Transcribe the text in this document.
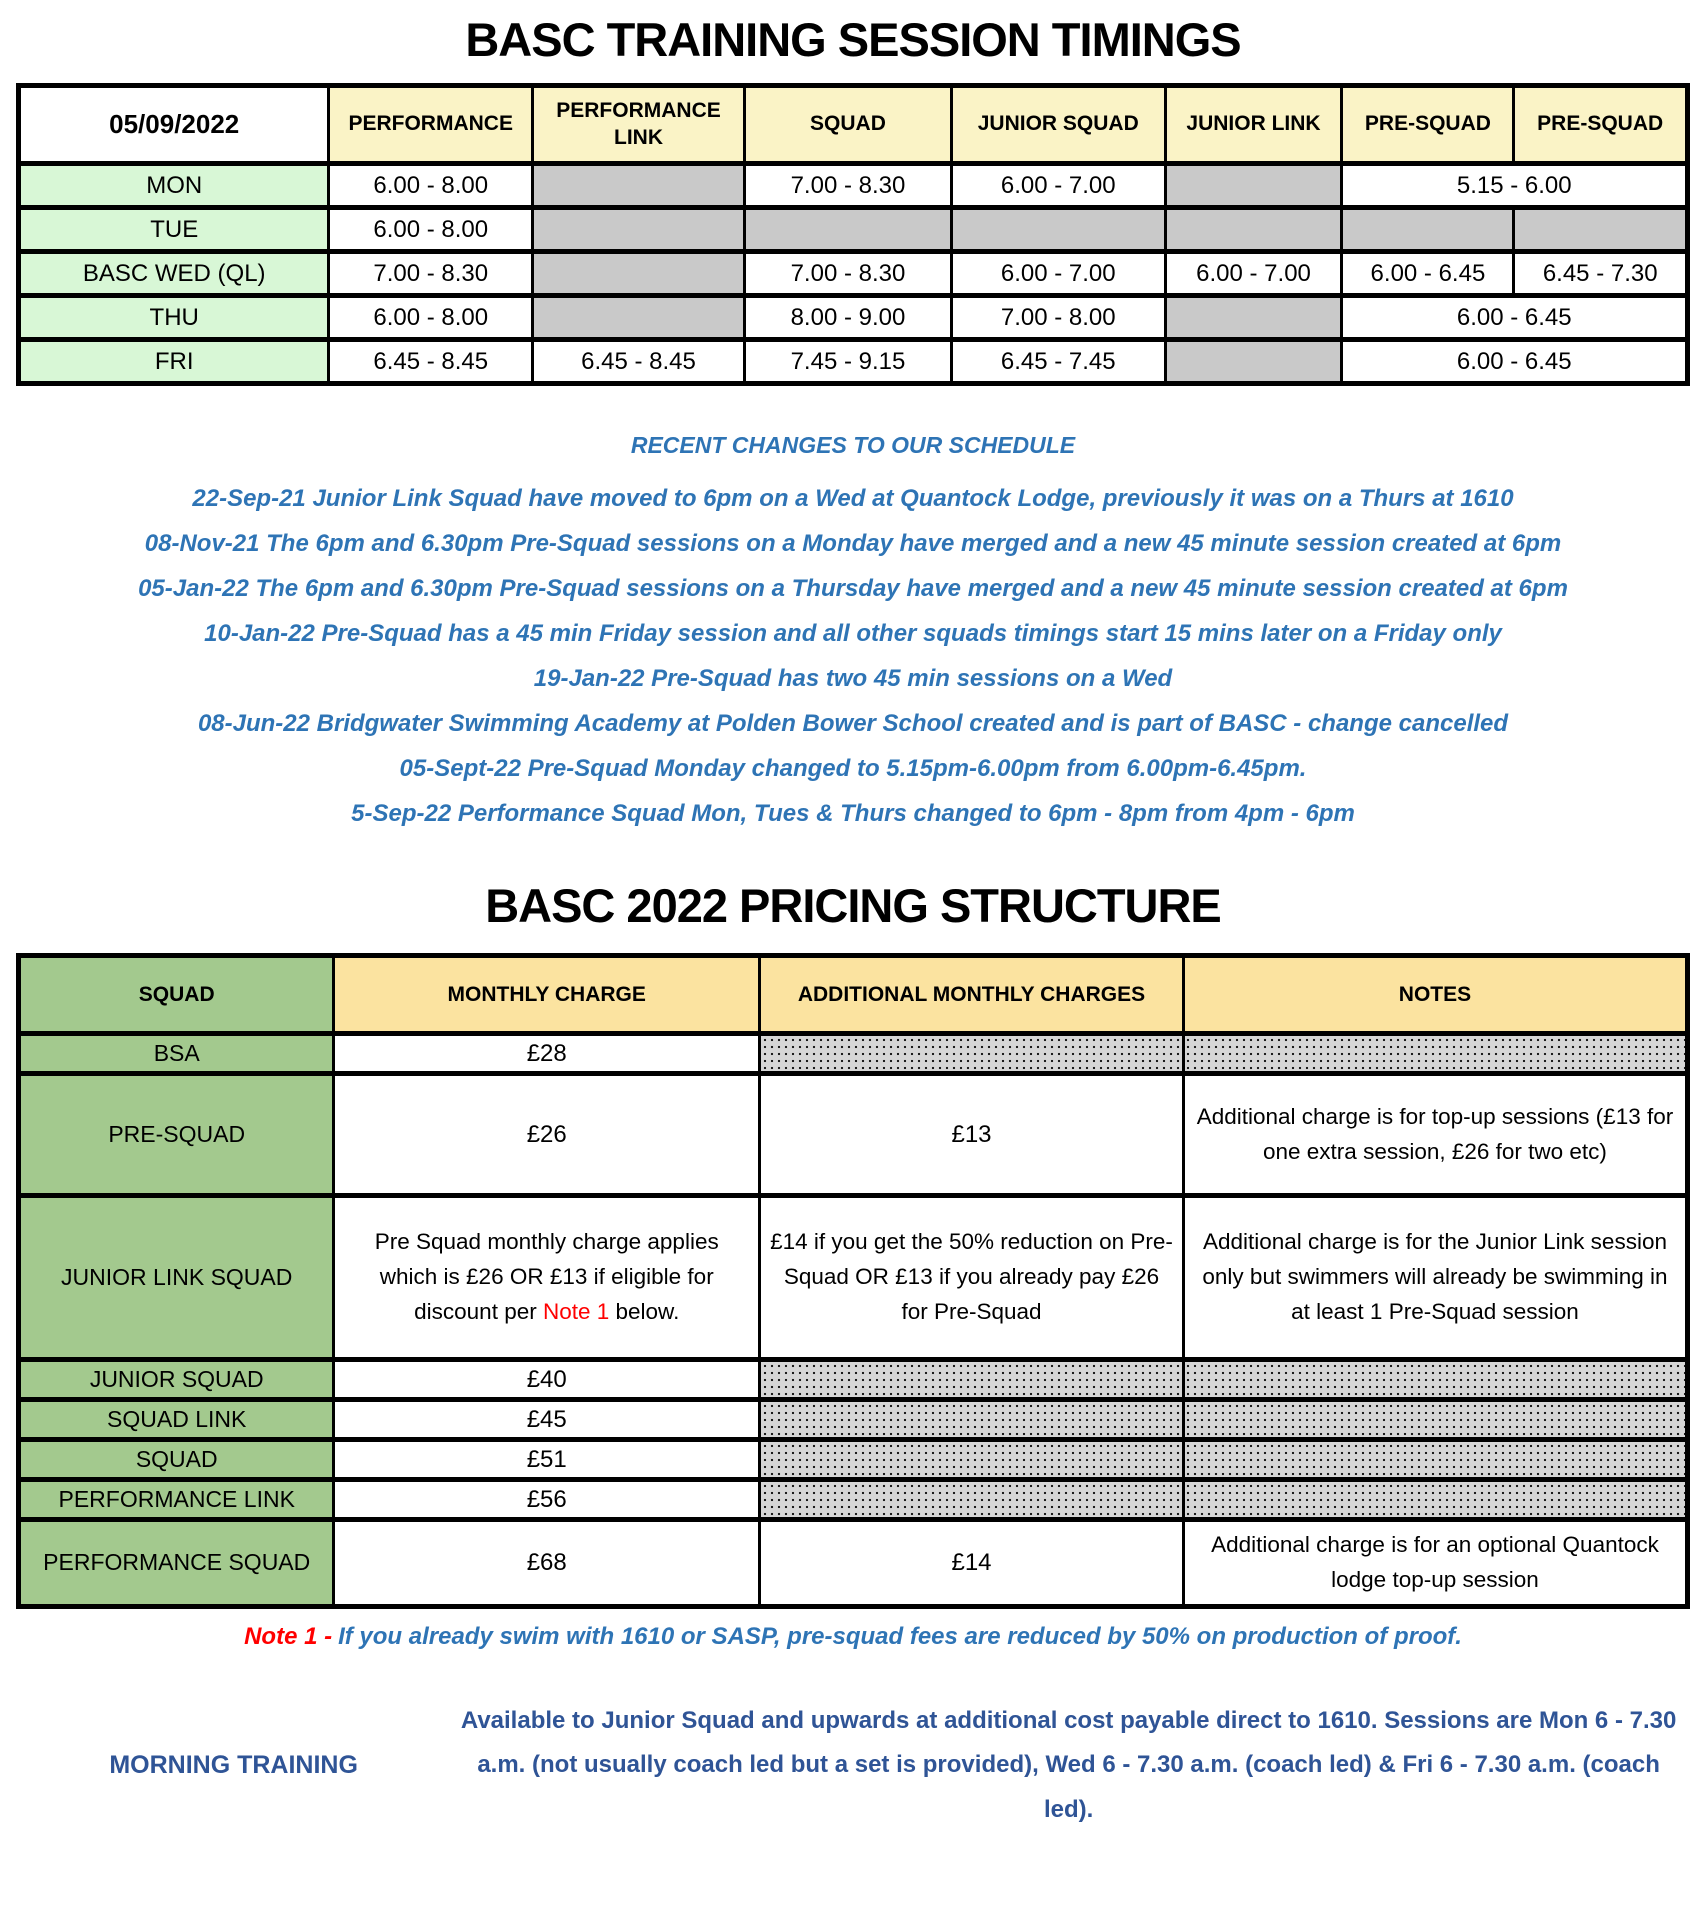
BASC TRAINING SESSION TIMINGS
05/09/2022	PERFORMANCE	PERFORMANCE LINK	SQUAD	JUNIOR SQUAD	JUNIOR LINK	PRE-SQUAD	PRE-SQUAD
MON	6.00 - 8.00		7.00 - 8.30	6.00 - 7.00		5.15 - 6.00	
TUE	6.00 - 8.00						
BASC WED (QL)	7.00 - 8.30		7.00 - 8.30	6.00 - 7.00	6.00 - 7.00	6.00 - 6.45	6.45 - 7.30
THU	6.00 - 8.00		8.00 - 9.00	7.00 - 8.00		6.00 - 6.45	
FRI	6.45 - 8.45	6.45 - 8.45	7.45 - 9.15	6.45 - 7.45		6.00 - 6.45	
RECENT CHANGES TO OUR SCHEDULE
22-Sep-21 Junior Link Squad have moved to 6pm on a Wed at Quantock Lodge, previously it was on a Thurs at 1610
08-Nov-21 The 6pm and 6.30pm Pre-Squad sessions on a Monday have merged and a new 45 minute session created at 6pm
05-Jan-22 The 6pm and 6.30pm Pre-Squad sessions on a Thursday have merged and a new 45 minute session created at 6pm
10-Jan-22 Pre-Squad has a 45 min Friday session and all other squads timings start 15 mins later on a Friday only
19-Jan-22 Pre-Squad has two 45 min sessions on a Wed
08-Jun-22 Bridgwater Swimming Academy at Polden Bower School created and is part of BASC - change cancelled
05-Sept-22 Pre-Squad Monday changed to 5.15pm-6.00pm from 6.00pm-6.45pm.
5-Sep-22 Performance Squad Mon, Tues & Thurs changed to 6pm - 8pm from 4pm - 6pm
BASC 2022 PRICING STRUCTURE
SQUAD	MONTHLY CHARGE	ADDITIONAL MONTHLY CHARGES	NOTES
BSA	£28		
PRE-SQUAD	£26	£13	Additional charge is for top-up sessions (£13 for one extra session, £26 for two etc)
JUNIOR LINK SQUAD	Pre Squad monthly charge applies which is £26 OR £13 if eligible for discount per Note 1 below.	£14 if you get the 50% reduction on Pre-Squad OR £13 if you already pay £26 for Pre-Squad	Additional charge is for the Junior Link session only but swimmers will already be swimming in at least 1 Pre-Squad session
JUNIOR SQUAD	£40		
SQUAD LINK	£45		
SQUAD	£51		
PERFORMANCE LINK	£56		
PERFORMANCE SQUAD	£68	£14	Additional charge is for an optional Quantock lodge top-up session
Note 1 - If you already swim with 1610 or SASP, pre-squad fees are reduced by 50% on production of proof.
MORNING TRAINING
Available to Junior Squad and upwards at additional cost payable direct to 1610. Sessions are Mon 6 - 7.30 a.m. (not usually coach led but a set is provided), Wed 6 - 7.30 a.m. (coach led) & Fri 6 - 7.30 a.m. (coach led).
